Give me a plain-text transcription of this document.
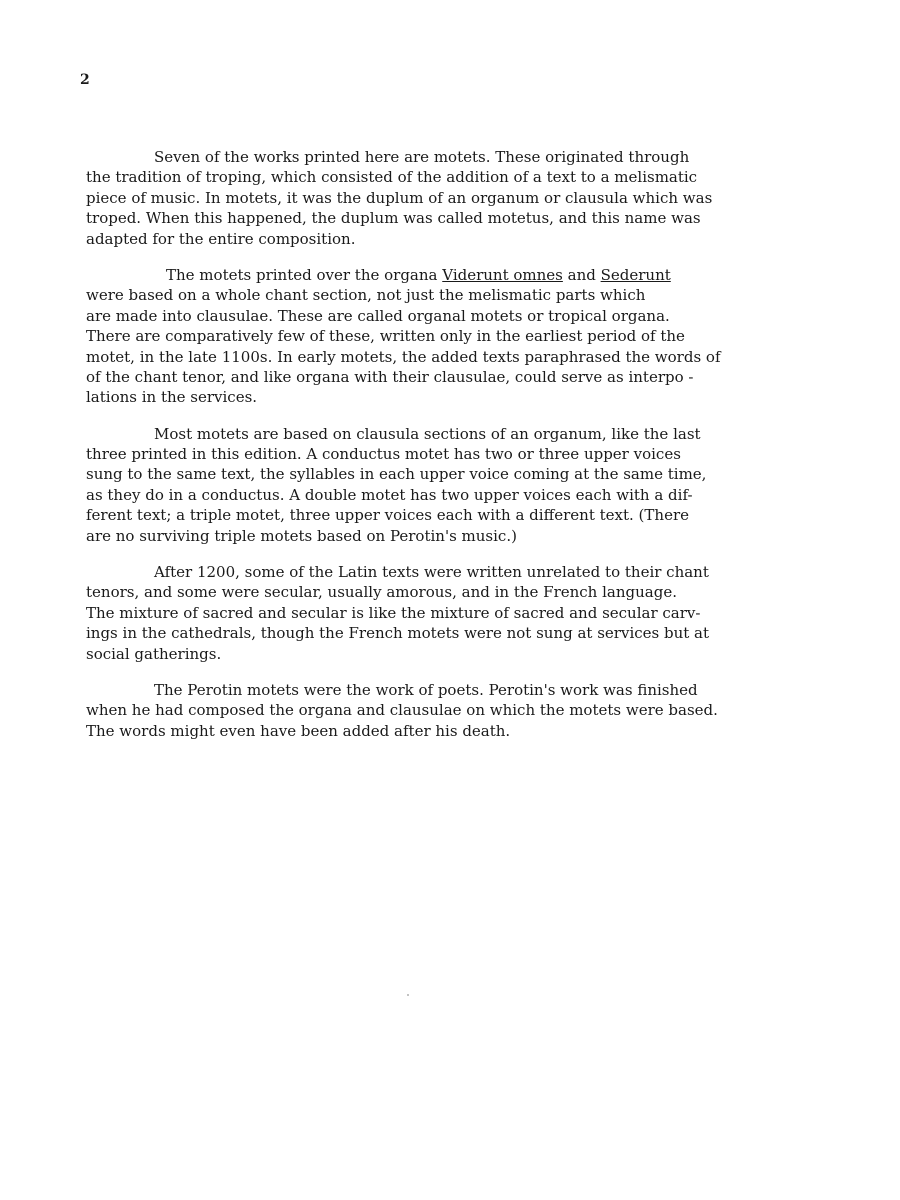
2
Seven of the works printed here are motets. These originated through
the tradition of troping, which consisted of the addition of a text to a melismatic
piece of music. In motets, it was the duplum of an organum or clausula which was
troped. When this happened, the duplum was called motetus, and this name was
adapted for the entire composition.
The motets printed over the organa Viderunt omnes and Sederunt
were based on a whole chant section, not just the melismatic parts which
are made into clausulae. These are called organal motets or tropical organa.
There are comparatively few of these, written only in the earliest period of the
motet, in the late 1100s. In early motets, the added texts paraphrased the words of
of the chant tenor, and like organa with their clausulae, could serve as interpo -
lations in the services.
Most motets are based on clausula sections of an organum, like the last
three printed in this edition. A conductus motet has two or three upper voices
sung to the same text, the syllables in each upper voice coming at the same time,
as they do in a conductus. A double motet has two upper voices each with a dif-
ferent text; a triple motet, three upper voices each with a different text. (There
are no surviving triple motets based on Perotin's music.)
After 1200, some of the Latin texts were written unrelated to their chant
tenors, and some were secular, usually amorous, and in the French language.
The mixture of sacred and secular is like the mixture of sacred and secular carv-
ings in the cathedrals, though the French motets were not sung at services but at
social gatherings.
The Perotin motets were the work of poets. Perotin's work was finished
when he had composed the organa and clausulae on which the motets were based.
The words might even have been added after his death.
